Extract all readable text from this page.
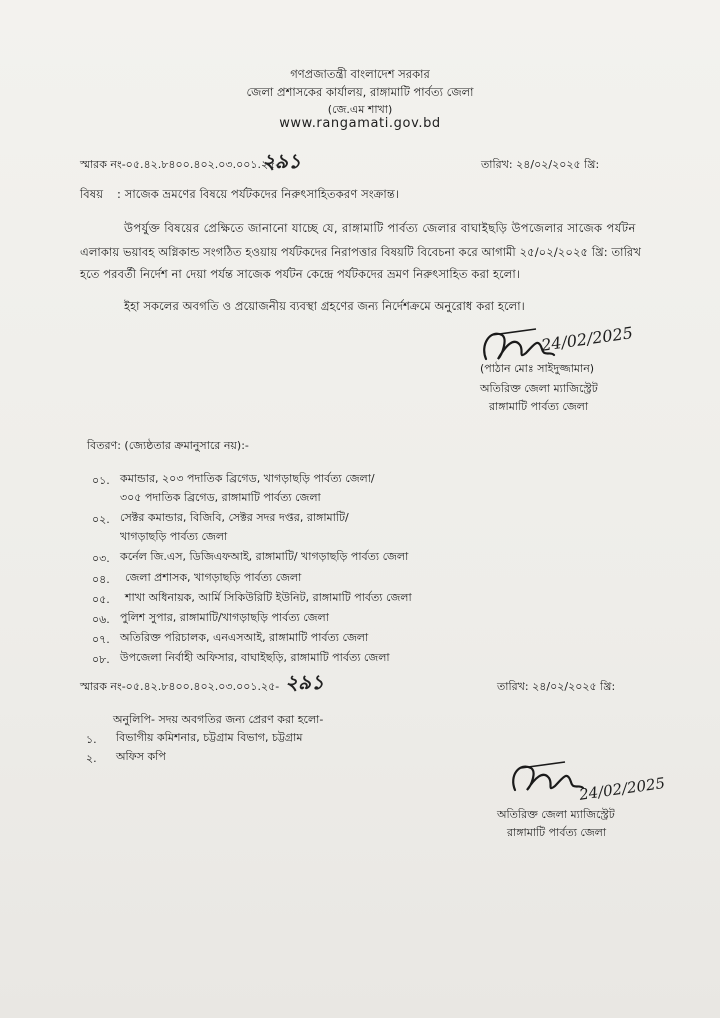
গণপ্রজাতন্ত্রী বাংলাদেশ সরকার
জেলা প্রশাসকের কার্যালয়, রাঙ্গামাটি পার্বত্য জেলা
(জে.এম শাখা)
www.rangamati.gov.bd
স্মারক নং-০৫.৪২.৮৪০০.৪০২.০৩.০০১.২৫-
২৯১	তারিখ: ২৪/০২/২০২৫ খ্রি:
বিষয় : সাজেক ভ্রমণের বিষয়ে পর্যটকদের নিরুৎসাহিতকরণ সংক্রান্ত।
উপর্যুক্ত বিষয়ের প্রেক্ষিতে জানানো যাচ্ছে যে, রাঙ্গামাটি পার্বত্য জেলার বাঘাইছড়ি উপজেলার সাজেক পর্যটন
এলাকায় ভয়াবহ অগ্নিকান্ড সংগঠিত হওয়ায় পর্যটকদের নিরাপত্তার বিষয়টি বিবেচনা করে আগামী ২৫/০২/২০২৫ খ্রি: তারিখ
হতে পরবর্তী নির্দেশ না দেয়া পর্যন্ত সাজেক পর্যটন কেন্দ্রে পর্যটকদের ভ্রমণ নিরুৎসাহিত করা হলো।
ইহা সকলের অবগতি ও প্রয়োজনীয় ব্যবস্থা গ্রহণের জন্য নির্দেশক্রমে অনুরোধ করা হলো।
24/02/2025
(পাঠান মোঃ সাইদুজ্জামান)
অতিরিক্ত জেলা ম্যাজিস্ট্রেট
রাঙ্গামাটি পার্বত্য জেলা
বিতরণ: (জ্যেষ্ঠতার ক্রমানুসারে নয়):-
০১. কমান্ডার, ২০৩ পদাতিক ব্রিগেড, খাগড়াছড়ি পার্বত্য জেলা/
৩০৫ পদাতিক ব্রিগেড, রাঙ্গামাটি পার্বত্য জেলা
০২. সেক্টর কমান্ডার, বিজিবি, সেক্টর সদর দপ্তর, রাঙ্গামাটি/
খাগড়াছড়ি পার্বত্য জেলা
০৩. কর্নেল জি.এস, ডিজিএফআই, রাঙ্গামাটি/ খাগড়াছড়ি পার্বত্য জেলা
০৪. জেলা প্রশাসক, খাগড়াছড়ি পার্বত্য জেলা
০৫. শাখা অধিনায়ক, আর্মি সিকিউরিটি ইউনিট, রাঙ্গামাটি পার্বত্য জেলা
০৬. পুলিশ সুপার, রাঙ্গামাটি/খাগড়াছড়ি পার্বত্য জেলা
০৭. অতিরিক্ত পরিচালক, এনএসআই, রাঙ্গামাটি পার্বত্য জেলা
০৮. উপজেলা নির্বাহী অফিসার, বাঘাইছড়ি, রাঙ্গামাটি পার্বত্য জেলা
স্মারক নং-০৫.৪২.৮৪০০.৪০২.০৩.০০১.২৫- ২৯১	তারিখ: ২৪/০২/২০২৫ খ্রি:
অনুলিপি- সদয় অবগতির জন্য প্রেরণ করা হলো-
১. বিভাগীয় কমিশনার, চট্টগ্রাম বিভাগ, চট্টগ্রাম
২. অফিস কপি
24/02/2025
অতিরিক্ত জেলা ম্যাজিস্ট্রেট
রাঙ্গামাটি পার্বত্য জেলা
